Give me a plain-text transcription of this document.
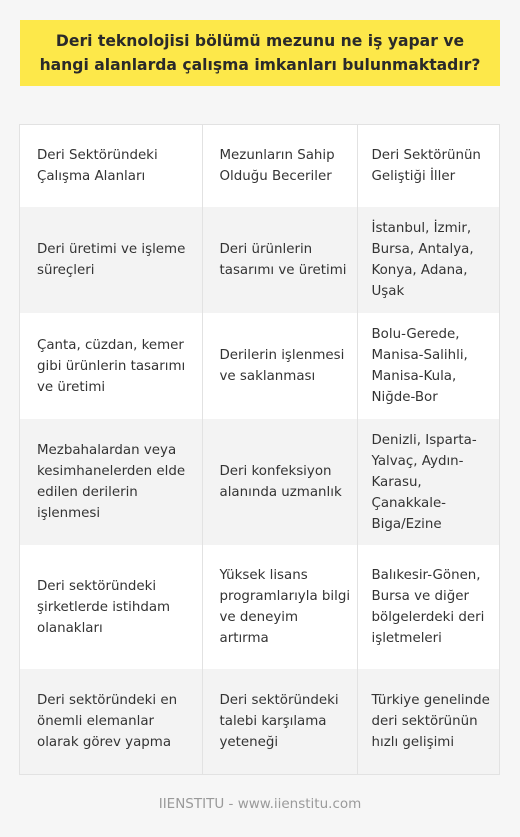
Deri teknolojisi bölümü mezunu ne iş yapar ve hangi alanlarda çalışma imkanları bulunmaktadır?
Deri Sektöründeki Çalışma Alanları	Mezunların Sahip Olduğu Beceriler	Deri Sektörünün Geliştiği İller
Deri üretimi ve işleme süreçleri	Deri ürünlerin tasarımı ve üretimi	İstanbul, İzmir, Bursa, Antalya, Konya, Adana, Uşak
Çanta, cüzdan, kemer gibi ürünlerin tasarımı ve üretimi	Derilerin işlenmesi ve saklanması	Bolu-Gerede, Manisa-Salihli, Manisa-Kula, Niğde-Bor
Mezbahalardan veya kesimhanelerden elde edilen derilerin işlenmesi	Deri konfeksiyon alanında uzmanlık	Denizli, Isparta-Yalvaç, Aydın-Karasu, Çanakkale-Biga/Ezine
Deri sektöründeki şirketlerde istihdam olanakları	Yüksek lisans programlarıyla bilgi ve deneyim artırma	Balıkesir-Gönen, Bursa ve diğer bölgelerdeki deri işletmeleri
Deri sektöründeki en önemli elemanlar olarak görev yapma	Deri sektöründeki talebi karşılama yeteneği	Türkiye genelinde deri sektörünün hızlı gelişimi
IIENSTITU - www.iienstitu.com
